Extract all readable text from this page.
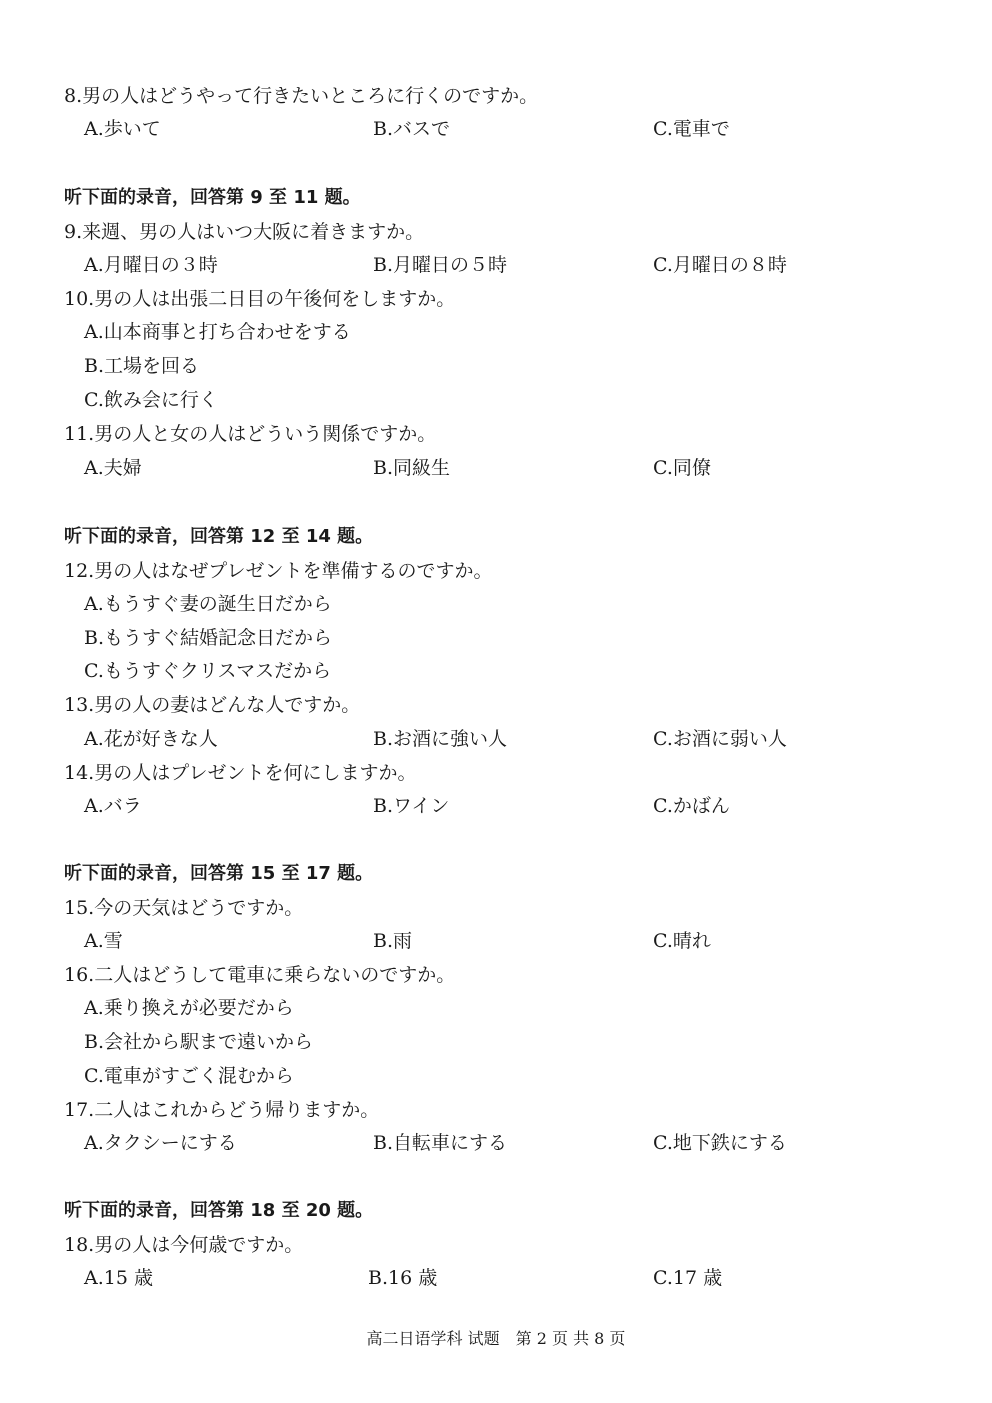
8.男の人はどうやって行きたいところに行くのですか。
A.歩いて	B.バスで	C.電車で
听下面的录音，回答第 9 至 11 题。
9.来週、男の人はいつ大阪に着きますか。
A.月曜日の３時	B.月曜日の５時	C.月曜日の８時
10.男の人は出張二日目の午後何をしますか。
A.山本商事と打ち合わせをする
B.工場を回る
C.飲み会に行く
11.男の人と女の人はどういう関係ですか。
A.夫婦	B.同級生	C.同僚
听下面的录音，回答第 12 至 14 题。
12.男の人はなぜプレゼントを準備するのですか。
A.もうすぐ妻の誕生日だから
B.もうすぐ結婚記念日だから
C.もうすぐクリスマスだから
13.男の人の妻はどんな人ですか。
A.花が好きな人	B.お酒に強い人	C.お酒に弱い人
14.男の人はプレゼントを何にしますか。
A.バラ	B.ワイン	C.かばん
听下面的录音，回答第 15 至 17 题。
15.今の天気はどうですか。
A.雪	B.雨	C.晴れ
16.二人はどうして電車に乗らないのですか。
A.乗り換えが必要だから
B.会社から駅まで遠いから
C.電車がすごく混むから
17.二人はこれからどう帰りますか。
A.タクシーにする	B.自転車にする	C.地下鉄にする
听下面的录音，回答第 18 至 20 题。
18.男の人は今何歳ですか。
A.15 歳	B.16 歳	C.17 歳
高二日语学科 试题　第 2 页 共 8 页
